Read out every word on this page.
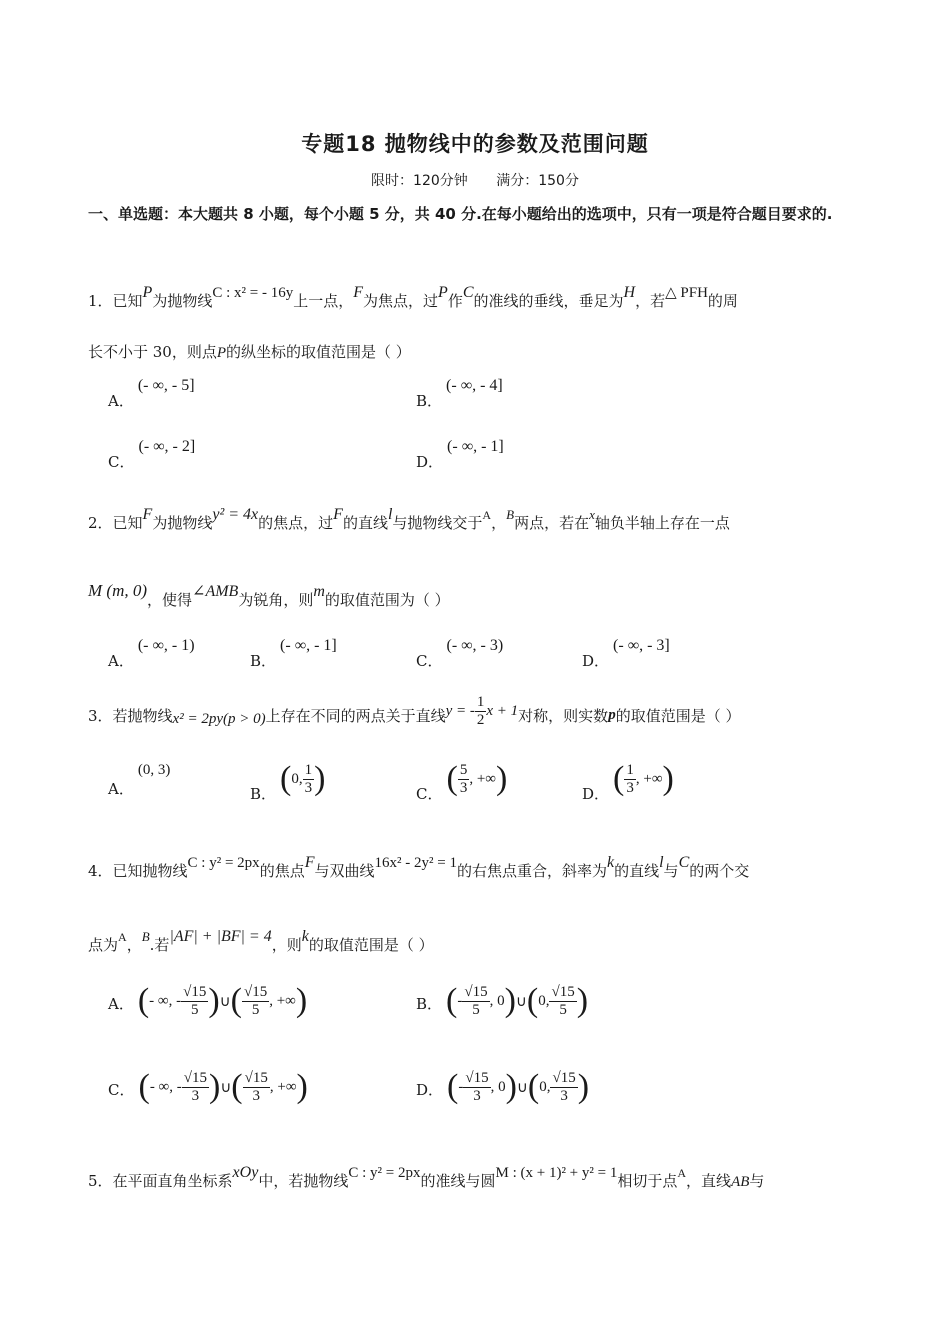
专题18 抛物线中的参数及范围问题
限时：120分钟 满分：150分
一、单选题：本大题共 8 小题，每个小题 5 分，共 40 分.在每小题给出的选项中，只有一项是符合题目要求的.
1．已知P为抛物线C : x² = - 16y上一点，F为焦点，过P作C的准线的垂线，垂足为H，若△ PFH的周
长不小于 30，则点P的纵坐标的取值范围是（ ）
A．(- ∞, - 5]
B．(- ∞, - 4]
C．(- ∞, - 2]
D．(- ∞, - 1]
2．已知F为抛物线y² = 4x的焦点，过F的直线l与抛物线交于$^A$，B两点，若在x轴负半轴上存在一点
M (m, 0)，使得∠AMB为锐角，则m的取值范围为（ ）
A．(- ∞, - 1)
B．(- ∞, - 1]
C．(- ∞, - 3)
D．(- ∞, - 3]
3．若抛物线 x² = 2py(p > 0) 上存在不同的两点关于直线 y = - $\frac{1}{2}$ x + 1 对称，则实数 p 的取值范围是（ ）
A．
(0, 3)
B． ( 0, $\frac{1}{3}$ )	C． ( $\frac{5}{3}$ , +∞ )	D． ( $\frac{1}{3}$ , +∞ )
4．已知抛物线C : y² = 2px的焦点F与双曲线16x² - 2y² = 1的右焦点重合，斜率为k的直线l与C的两个交
点为$^A$，B.若|AF| + |BF| = 4，则k的取值范围是（ ）
A． ( - ∞, - $\frac{√15}{5}$ ) ∪ ( $\frac{√15}{5}$ , +∞ )	B． ( - $\frac{√15}{5}$ , 0 ) ∪ ( 0, $\frac{√15}{5}$ )
C． ( - ∞, - $\frac{√15}{3}$ ) ∪ ( $\frac{√15}{3}$ , +∞ )	D． ( - $\frac{√15}{3}$ , 0 ) ∪ ( 0, $\frac{√15}{3}$ )
5．在平面直角坐标系xOy中，若抛物线C : y² = 2px的准线与圆M : (x + 1)² + y² = 1相切于点$^A$，直线AB与
